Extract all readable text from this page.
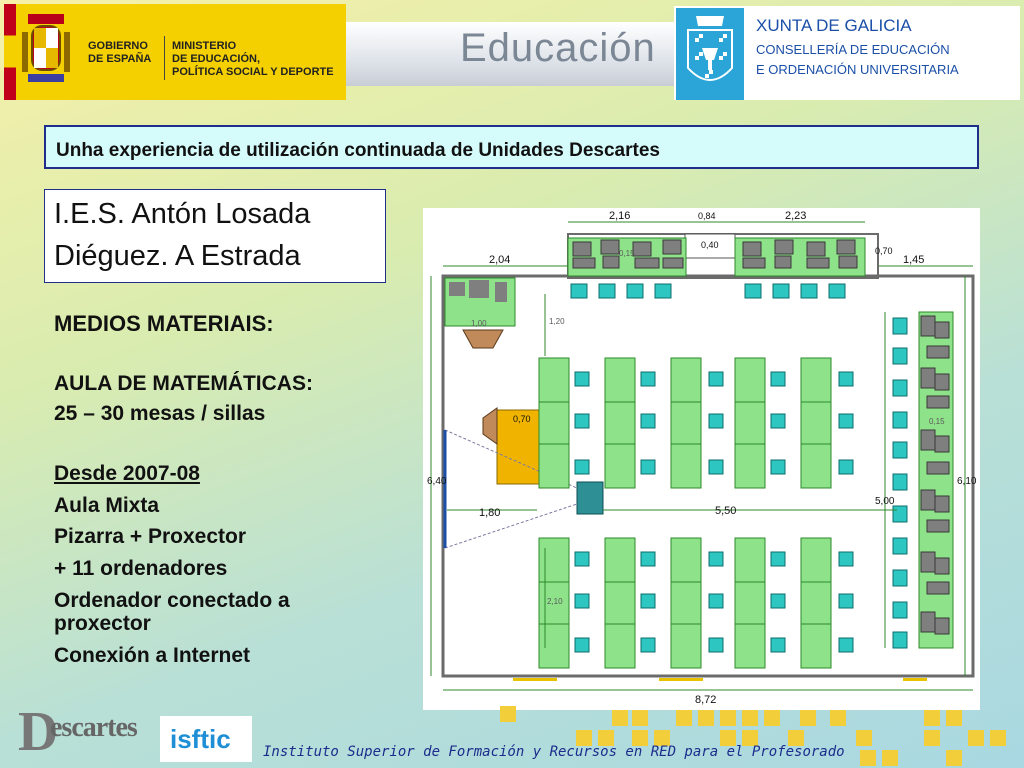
GOBIERNO
DE ESPAÑA
MINISTERIO
DE EDUCACIÓN,
POLÍTICA SOCIAL Y DEPORTE
Educación
XUNTA DE GALICIA
CONSELLERÍA DE EDUCACIÓN
E ORDENACIÓN UNIVERSITARIA
Unha experiencia de utilización continuada de Unidades Descartes
I.E.S. Antón Losada
Diéguez. A Estrada
MEDIOS MATERIAIS:
AULA DE MATEMÁTICAS:
25 – 30 mesas / sillas
Desde 2007-08
Aula Mixta
Pizarra + Proxector
+ 11 ordenadores
Ordenador conectado a
proxector
Conexión a Internet
2,16	0,84	2,23
2,04	1,45
0,40
0,70
0,15
0,70	0,15
1,00	1,20
1,80	5,50
5,00
6,40	6,10
2,10
8,72
D
escartes isftic Instituto Superior de Formación y Recursos en RED para el Profesorado
